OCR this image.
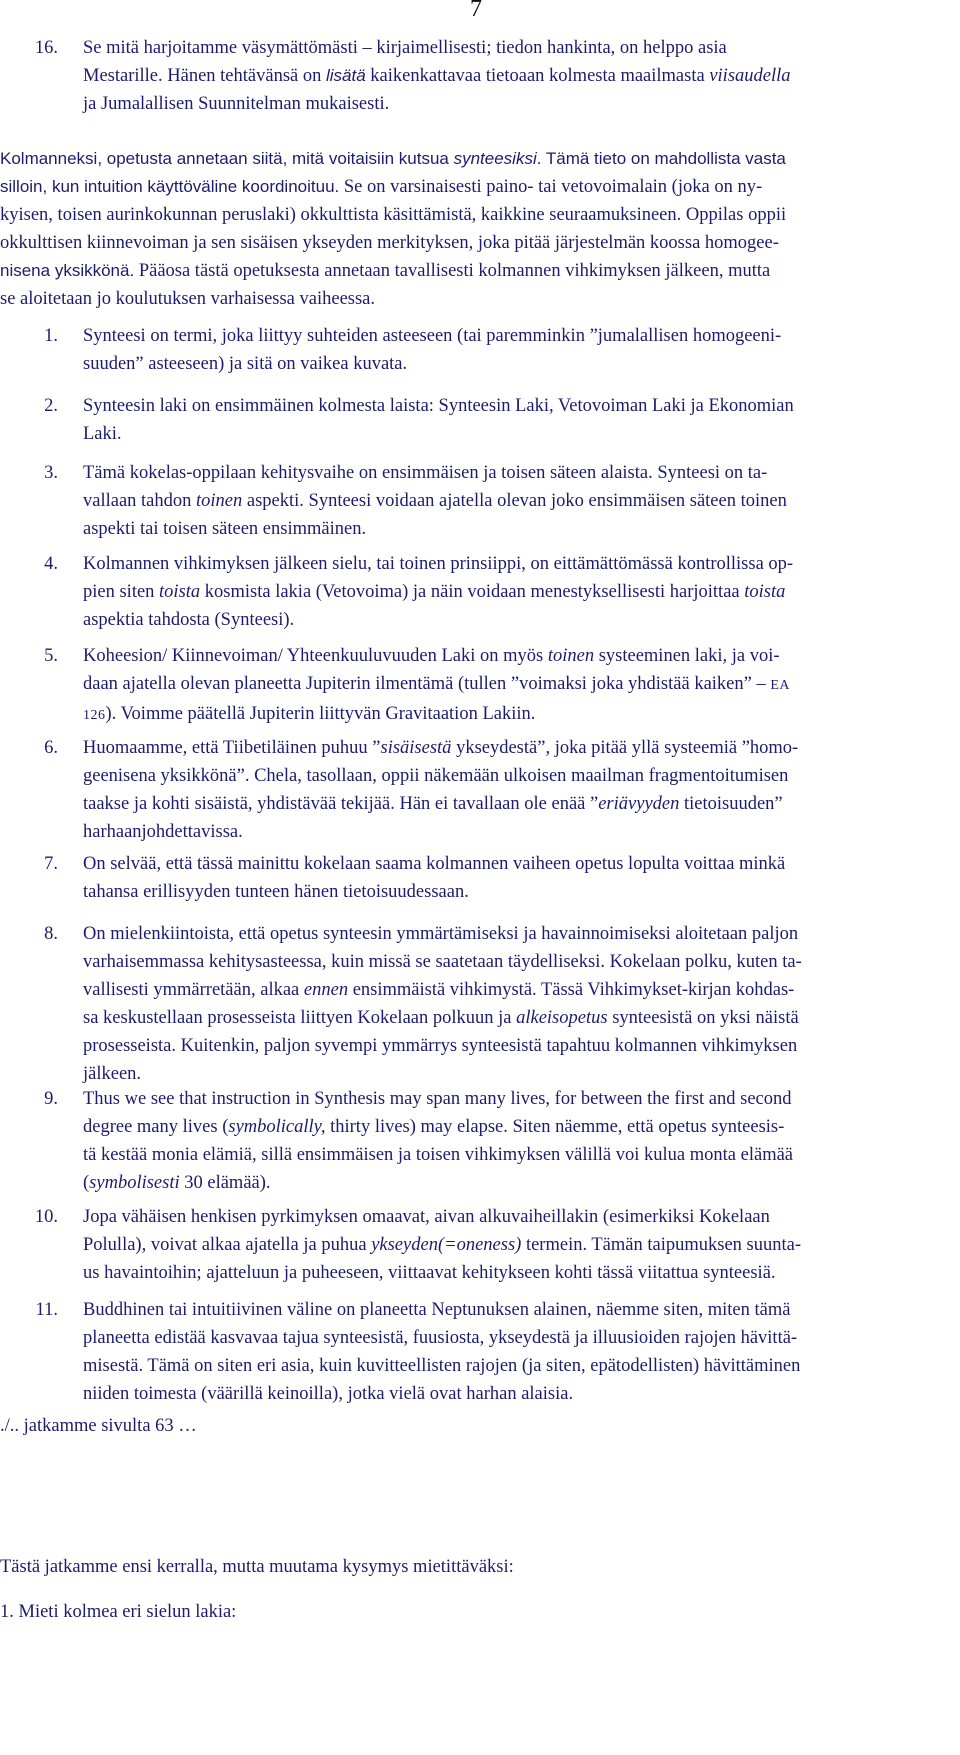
7
16. Se mitä harjoitamme väsymättömästi – kirjaimellisesti; tiedon hankinta, on helppo asia
Mestarille. Hänen tehtävänsä on lisätä kaikenkattavaa tietoaan kolmesta maailmasta viisaudella
ja Jumalallisen Suunnitelman mukaisesti.
Kolmanneksi, opetusta annetaan siitä, mitä voitaisiin kutsua synteesiksi. Tämä tieto on mahdollista vasta
silloin, kun intuition käyttöväline koordinoituu. Se on varsinaisesti paino- tai vetovoimalain (joka on ny-
kyisen, toisen aurinkokunnan peruslaki) okkulttista käsittämistä, kaikkine seuraamuksineen. Oppilas oppii
okkulttisen kiinnevoiman ja sen sisäisen ykseyden merkityksen, joka pitää järjestelmän koossa homogee-
nisena yksikkönä. Pääosa tästä opetuksesta annetaan tavallisesti kolmannen vihkimyksen jälkeen, mutta
se aloitetaan jo koulutuksen varhaisessa vaiheessa.
1. Synteesi on termi, joka liittyy suhteiden asteeseen (tai paremminkin ”jumalallisen homogeeni-
suuden” asteeseen) ja sitä on vaikea kuvata.
2. Synteesin laki on ensimmäinen kolmesta laista: Synteesin Laki, Vetovoiman Laki ja Ekonomian
Laki.
3. Tämä kokelas-oppilaan kehitysvaihe on ensimmäisen ja toisen säteen alaista. Synteesi on ta-
vallaan tahdon toinen aspekti. Synteesi voidaan ajatella olevan joko ensimmäisen säteen toinen
aspekti tai toisen säteen ensimmäinen.
4. Kolmannen vihkimyksen jälkeen sielu, tai toinen prinsiippi, on eittämättömässä kontrollissa op-
pien siten toista kosmista lakia (Vetovoima) ja näin voidaan menestyksellisesti harjoittaa toista
aspektia tahdosta (Synteesi).
5. Koheesion/ Kiinnevoiman/ Yhteenkuuluvuuden Laki on myös toinen systeeminen laki, ja voi-
daan ajatella olevan planeetta Jupiterin ilmentämä (tullen ”voimaksi joka yhdistää kaiken” – EA
126). Voimme päätellä Jupiterin liittyvän Gravitaation Lakiin.
6. Huomaamme, että Tiibetiläinen puhuu ”sisäisestä ykseydestä”, joka pitää yllä systeemiä ”homo-
geenisena yksikkönä”. Chela, tasollaan, oppii näkemään ulkoisen maailman fragmentoitumisen
taakse ja kohti sisäistä, yhdistävää tekijää. Hän ei tavallaan ole enää ”eriävyyden tietoisuuden”
harhaanjohdettavissa.
7. On selvää, että tässä mainittu kokelaan saama kolmannen vaiheen opetus lopulta voittaa minkä
tahansa erillisyyden tunteen hänen tietoisuudessaan.
8. On mielenkiintoista, että opetus synteesin ymmärtämiseksi ja havainnoimiseksi aloitetaan paljon
varhaisemmassa kehitysasteessa, kuin missä se saatetaan täydelliseksi. Kokelaan polku, kuten ta-
vallisesti ymmärretään, alkaa ennen ensimmäistä vihkimystä. Tässä Vihkimykset-kirjan kohdas-
sa keskustellaan prosesseista liittyen Kokelaan polkuun ja alkeisopetus synteesistä on yksi näistä
prosesseista. Kuitenkin, paljon syvempi ymmärrys synteesistä tapahtuu kolmannen vihkimyksen
jälkeen.
9. Thus we see that instruction in Synthesis may span many lives, for between the first and second
degree many lives (symbolically, thirty lives) may elapse. Siten näemme, että opetus synteesis-
tä kestää monia elämiä, sillä ensimmäisen ja toisen vihkimyksen välillä voi kulua monta elämää
(symbolisesti 30 elämää).
10. Jopa vähäisen henkisen pyrkimyksen omaavat, aivan alkuvaiheillakin (esimerkiksi Kokelaan
Polulla), voivat alkaa ajatella ja puhua ykseyden(=oneness) termein. Tämän taipumuksen suunta-
us havaintoihin; ajatteluun ja puheeseen, viittaavat kehitykseen kohti tässä viitattua synteesiä.
11. Buddhinen tai intuitiivinen väline on planeetta Neptunuksen alainen, näemme siten, miten tämä
planeetta edistää kasvavaa tajua synteesistä, fuusiosta, ykseydestä ja illuusioiden rajojen hävittä-
misestä. Tämä on siten eri asia, kuin kuvitteellisten rajojen (ja siten, epätodellisten) hävittäminen
niiden toimesta (väärillä keinoilla), jotka vielä ovat harhan alaisia.
./.. jatkamme sivulta 63 …
Tästä jatkamme ensi kerralla, mutta muutama kysymys mietittäväksi:
1. Mieti kolmea eri sielun lakia:
